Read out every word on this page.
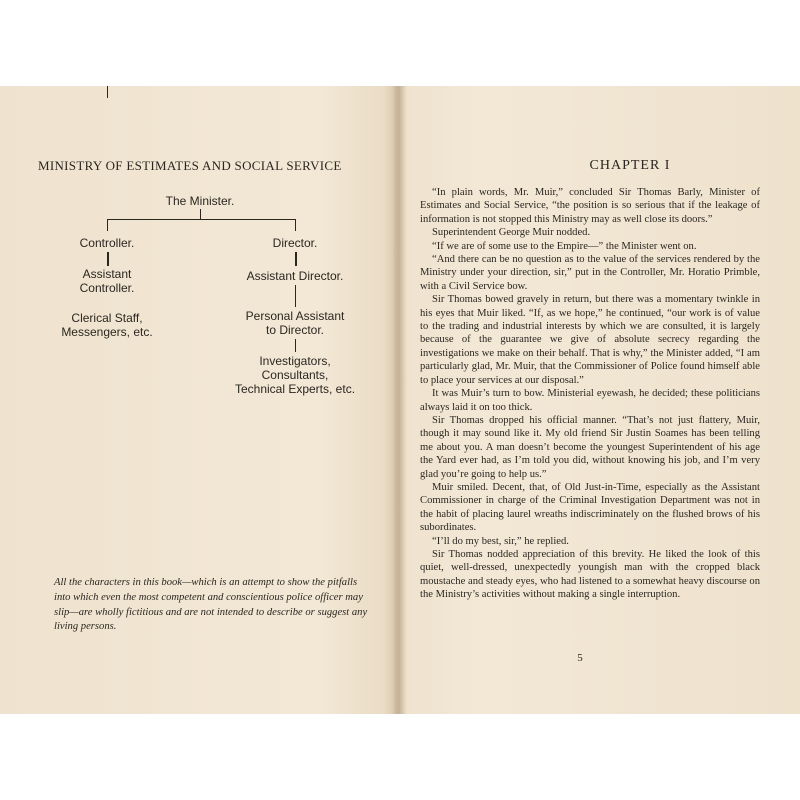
MINISTRY OF ESTIMATES AND SOCIAL SERVICE
The Minister.
Controller.
Assistant
Controller.
Clerical Staff,
Messengers, etc.
Director.
Assistant Director.
Personal Assistant
to Director.
Investigators,
Consultants,
Technical Experts, etc.
All the characters in this book—which is an attempt to show the pitfalls into which even the most competent and conscientious police officer may slip—are wholly fictitious and are not intended to describe or suggest any living persons.
CHAPTER I

“In plain words, Mr. Muir,” concluded Sir Thomas Barly, Minister of Estimates and Social Service, “the position is so serious that if the leakage of information is not stopped this Ministry may as well close its doors.”

Superintendent George Muir nodded.

“If we are of some use to the Empire—” the Minister went on.

“And there can be no question as to the value of the services rendered by the Ministry under your direction, sir,” put in the Controller, Mr. Horatio Primble, with a Civil Service bow.

Sir Thomas bowed gravely in return, but there was a momentary twinkle in his eyes that Muir liked. “If, as we hope,” he continued, “our work is of value to the trading and industrial interests by which we are consulted, it is largely because of the guarantee we give of absolute secrecy regarding the investigations we make on their behalf. That is why,” the Minister added, “I am particularly glad, Mr. Muir, that the Commissioner of Police found himself able to place your services at our disposal.”

It was Muir’s turn to bow. Ministerial eyewash, he decided; these politicians always laid it on too thick.

Sir Thomas dropped his official manner. “That’s not just flattery, Muir, though it may sound like it. My old friend Sir Justin Soames has been telling me about you. A man doesn’t become the youngest Superintendent of his age the Yard ever had, as I’m told you did, without knowing his job, and I’m very glad you’re going to help us.”

Muir smiled. Decent, that, of Old Just-in-Time, especially as the Assistant Commissioner in charge of the Criminal Investigation Department was not in the habit of placing laurel wreaths indiscriminately on the flushed brows of his subordinates.

“I’ll do my best, sir,” he replied.

Sir Thomas nodded appreciation of this brevity. He liked the look of this quiet, well-dressed, unexpectedly youngish man with the cropped black moustache and steady eyes, who had listened to a somewhat heavy discourse on the Ministry’s activities without making a single interruption.

5
